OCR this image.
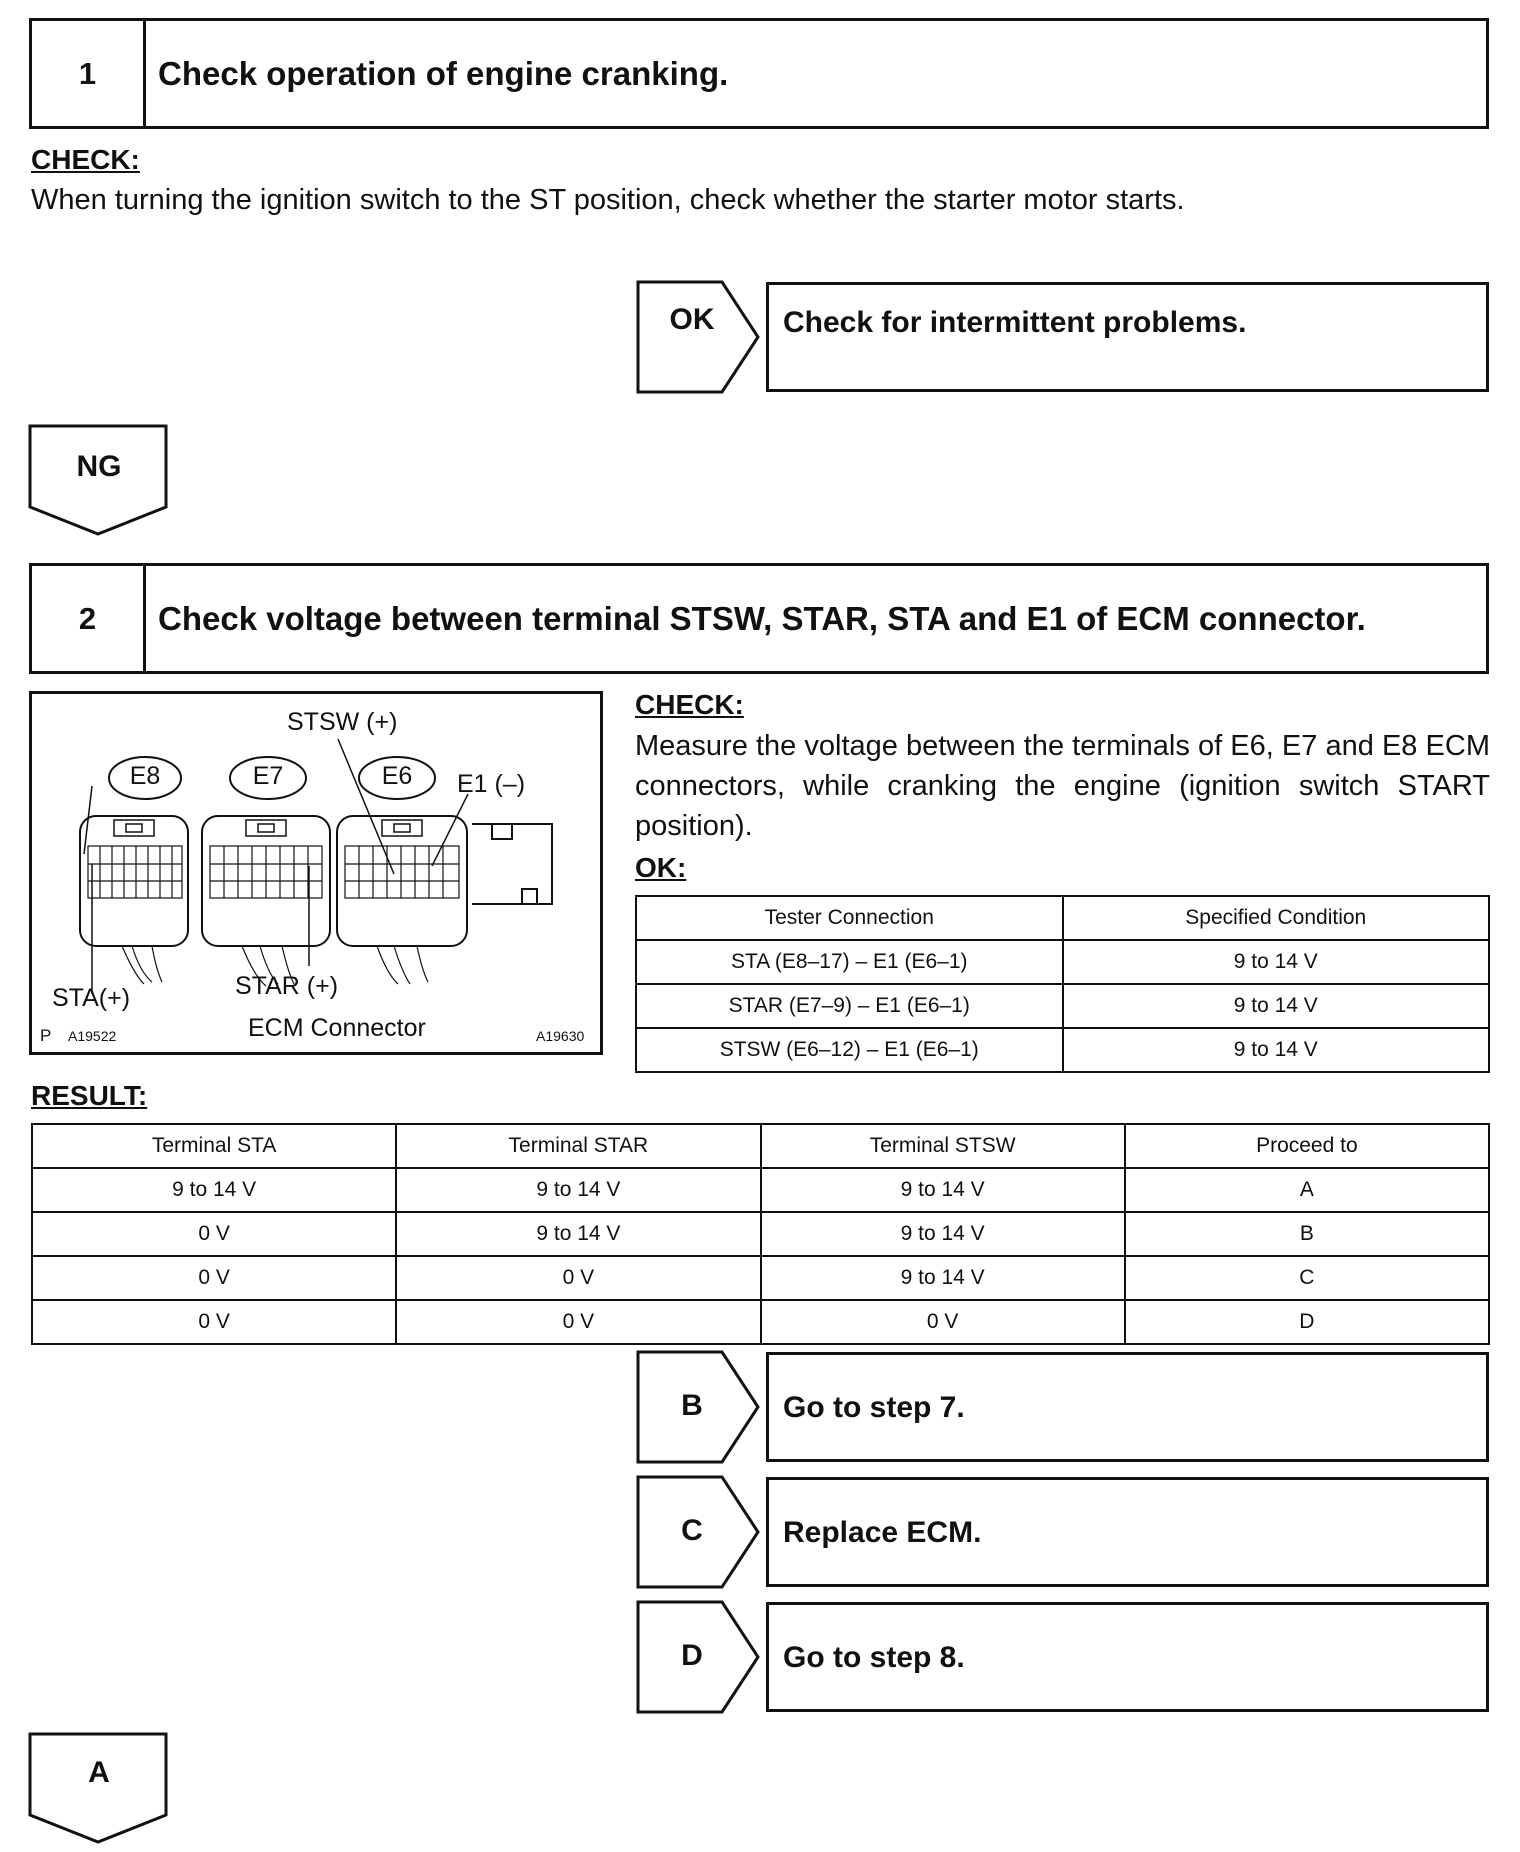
1	Check operation of engine cranking.
CHECK:
When turning the ignition switch to the ST position, check whether the starter motor starts.
OK	Check for intermittent problems.
NG
2	Check voltage between terminal STSW, STAR, STA and E1 of ECM connector.
E8	E7	E6
STSW (+)
E1 (–)
STA(+)	STAR (+)
ECM Connector
P A19522	A19630
CHECK:
Measure the voltage between the terminals of E6, E7 and E8 ECM connectors, while cranking the engine (ignition switch START position).
OK:
Tester Connection	Specified Condition
STA (E8–17) – E1 (E6–1)	9 to 14 V
STAR (E7–9) – E1 (E6–1)	9 to 14 V
STSW (E6–12) – E1 (E6–1)	9 to 14 V
RESULT:
Terminal STA	Terminal STAR	Terminal STSW	Proceed to
9 to 14 V	9 to 14 V	9 to 14 V	A
0 V	9 to 14 V	9 to 14 V	B
0 V	0 V	9 to 14 V	C
0 V	0 V	0 V	D
B	Go to step 7.
C	Replace ECM.
D	Go to step 8.
A
